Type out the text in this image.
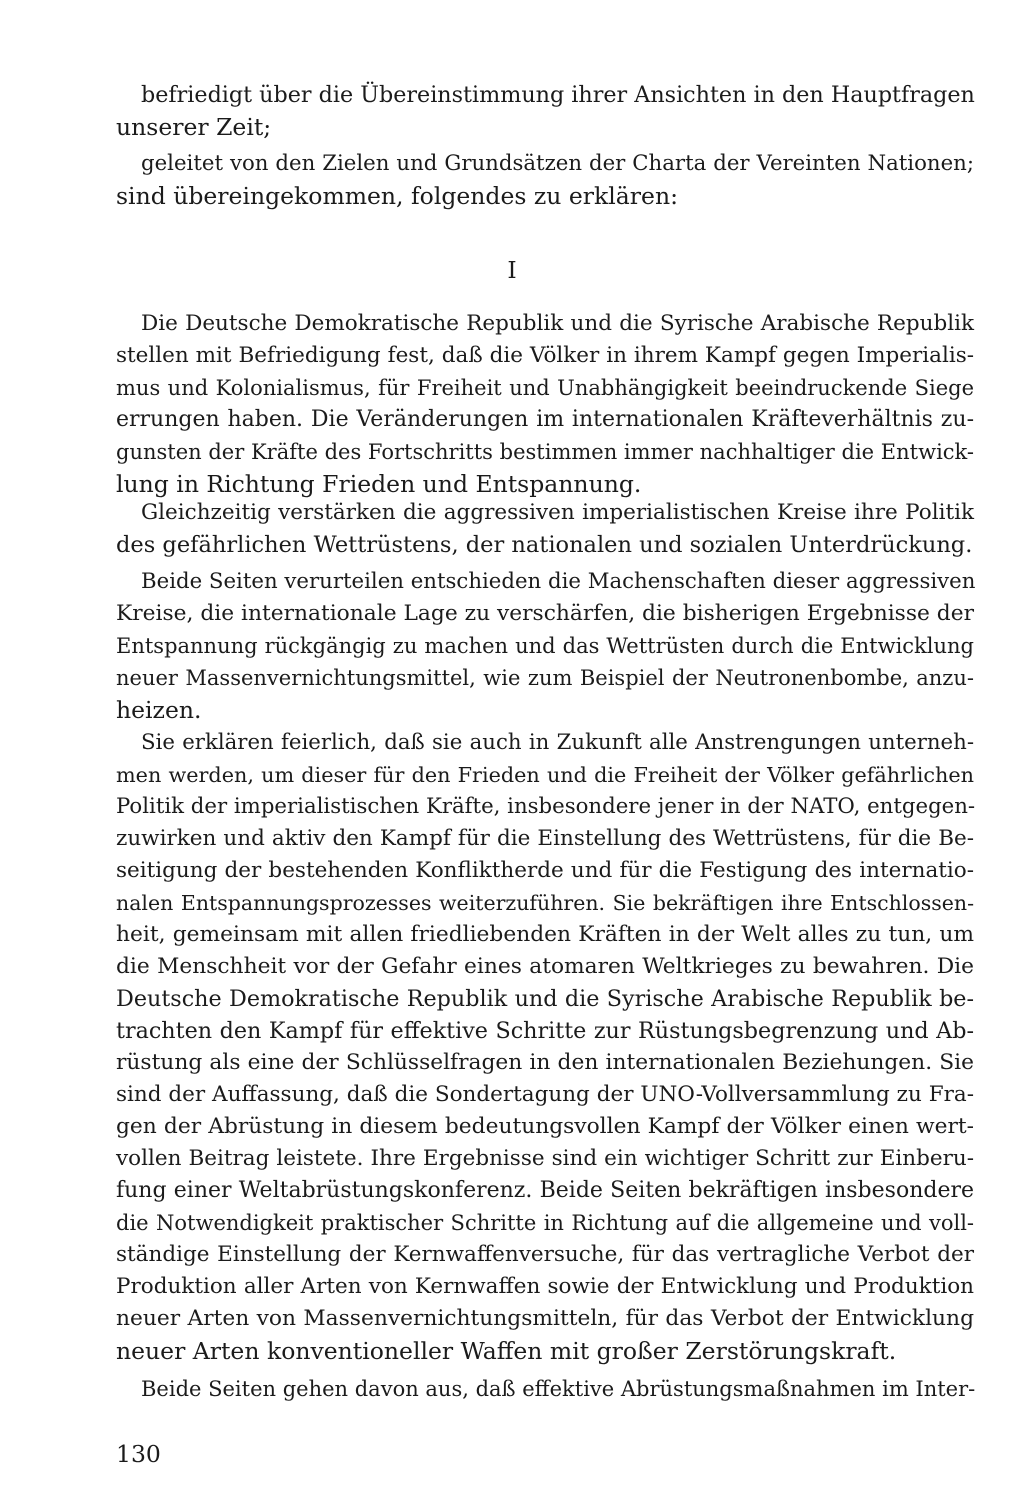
befriedigt über die Übereinstimmung ihrer Ansichten in den Hauptfragen
unserer Zeit;
geleitet von den Zielen und Grundsätzen der Charta der Vereinten Nationen;
sind übereingekommen, folgendes zu erklären:
I
Die Deutsche Demokratische Republik und die Syrische Arabische Republik
stellen mit Befriedigung fest, daß die Völker in ihrem Kampf gegen Imperialis-
mus und Kolonialismus, für Freiheit und Unabhängigkeit beeindruckende Siege
errungen haben. Die Veränderungen im internationalen Kräfteverhältnis zu-
gunsten der Kräfte des Fortschritts bestimmen immer nachhaltiger die Entwick-
lung in Richtung Frieden und Entspannung.
Gleichzeitig verstärken die aggressiven imperialistischen Kreise ihre Politik
des gefährlichen Wettrüstens, der nationalen und sozialen Unterdrückung.
Beide Seiten verurteilen entschieden die Machenschaften dieser aggressiven
Kreise, die internationale Lage zu verschärfen, die bisherigen Ergebnisse der
Entspannung rückgängig zu machen und das Wettrüsten durch die Entwicklung
neuer Massenvernichtungsmittel, wie zum Beispiel der Neutronenbombe, anzu-
heizen.
Sie erklären feierlich, daß sie auch in Zukunft alle Anstrengungen unterneh-
men werden, um dieser für den Frieden und die Freiheit der Völker gefährlichen
Politik der imperialistischen Kräfte, insbesondere jener in der NATO, entgegen-
zuwirken und aktiv den Kampf für die Einstellung des Wettrüstens, für die Be-
seitigung der bestehenden Konfliktherde und für die Festigung des internatio-
nalen Entspannungsprozesses weiterzuführen. Sie bekräftigen ihre Entschlossen-
heit, gemeinsam mit allen friedliebenden Kräften in der Welt alles zu tun, um
die Menschheit vor der Gefahr eines atomaren Weltkrieges zu bewahren. Die
Deutsche Demokratische Republik und die Syrische Arabische Republik be-
trachten den Kampf für effektive Schritte zur Rüstungsbegrenzung und Ab-
rüstung als eine der Schlüsselfragen in den internationalen Beziehungen. Sie
sind der Auffassung, daß die Sondertagung der UNO-Vollversammlung zu Fra-
gen der Abrüstung in diesem bedeutungsvollen Kampf der Völker einen wert-
vollen Beitrag leistete. Ihre Ergebnisse sind ein wichtiger Schritt zur Einberu-
fung einer Weltabrüstungskonferenz. Beide Seiten bekräftigen insbesondere
die Notwendigkeit praktischer Schritte in Richtung auf die allgemeine und voll-
ständige Einstellung der Kernwaffenversuche, für das vertragliche Verbot der
Produktion aller Arten von Kernwaffen sowie der Entwicklung und Produktion
neuer Arten von Massenvernichtungsmitteln, für das Verbot der Entwicklung
neuer Arten konventioneller Waffen mit großer Zerstörungskraft.
Beide Seiten gehen davon aus, daß effektive Abrüstungsmaßnahmen im Inter-
130
